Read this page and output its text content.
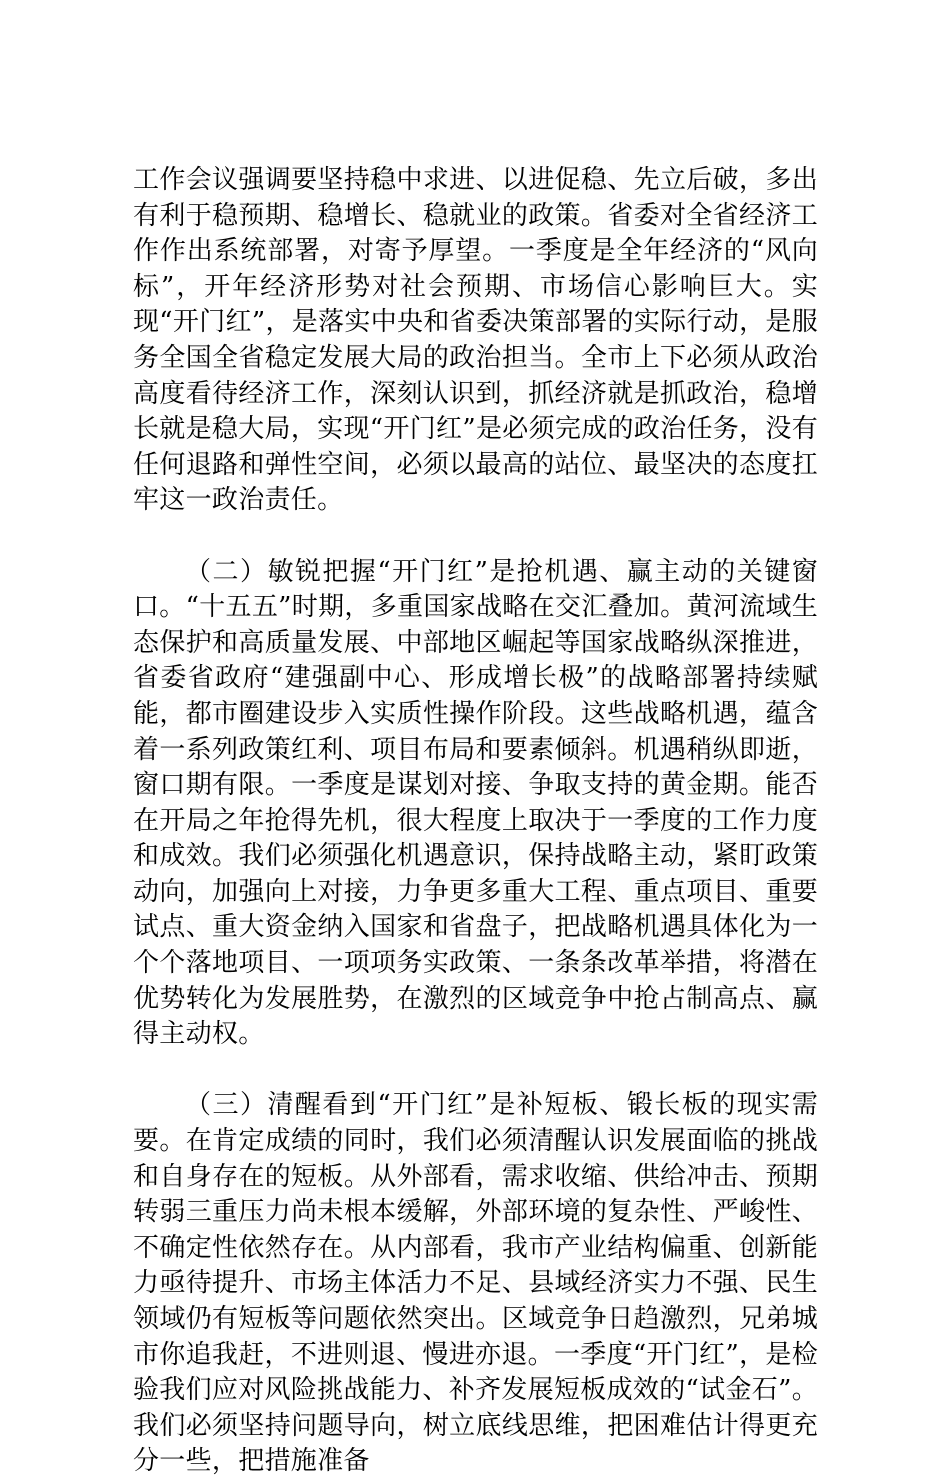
工作会议强调要坚持稳中求进、以进促稳、先立后破，多出有利于稳预期、稳增长、稳就业的政策。省委对全省经济工作作出系统部署，对寄予厚望。一季度是全年经济的“风向标”，开年经济形势对社会预期、市场信心影响巨大。实现“开门红”，是落实中央和省委决策部署的实际行动，是服务全国全省稳定发展大局的政治担当。全市上下必须从政治高度看待经济工作，深刻认识到，抓经济就是抓政治，稳增长就是稳大局，实现“开门红”是必须完成的政治任务，没有任何退路和弹性空间，必须以最高的站位、最坚决的态度扛牢这一政治责任。

（二）敏锐把握“开门红”是抢机遇、赢主动的关键窗口。“十五五”时期，多重国家战略在交汇叠加。黄河流域生态保护和高质量发展、中部地区崛起等国家战略纵深推进，省委省政府“建强副中心、形成增长极”的战略部署持续赋能，都市圈建设步入实质性操作阶段。这些战略机遇，蕴含着一系列政策红利、项目布局和要素倾斜。机遇稍纵即逝，窗口期有限。一季度是谋划对接、争取支持的黄金期。能否在开局之年抢得先机，很大程度上取决于一季度的工作力度和成效。我们必须强化机遇意识，保持战略主动，紧盯政策动向，加强向上对接，力争更多重大工程、重点项目、重要试点、重大资金纳入国家和省盘子，把战略机遇具体化为一个个落地项目、一项项务实政策、一条条改革举措，将潜在优势转化为发展胜势，在激烈的区域竞争中抢占制高点、赢得主动权。

（三）清醒看到“开门红”是补短板、锻长板的现实需要。在肯定成绩的同时，我们必须清醒认识发展面临的挑战和自身存在的短板。从外部看，需求收缩、供给冲击、预期转弱三重压力尚未根本缓解，外部环境的复杂性、严峻性、不确定性依然存在。从内部看，我市产业结构偏重、创新能力亟待提升、市场主体活力不足、县域经济实力不强、民生领域仍有短板等问题依然突出。区域竞争日趋激烈，兄弟城市你追我赶，不进则退、慢进亦退。一季度“开门红”，是检验我们应对风险挑战能力、补齐发展短板成效的“试金石”。我们必须坚持问题导向，树立底线思维，把困难估计得更充分一些，把措施准备
